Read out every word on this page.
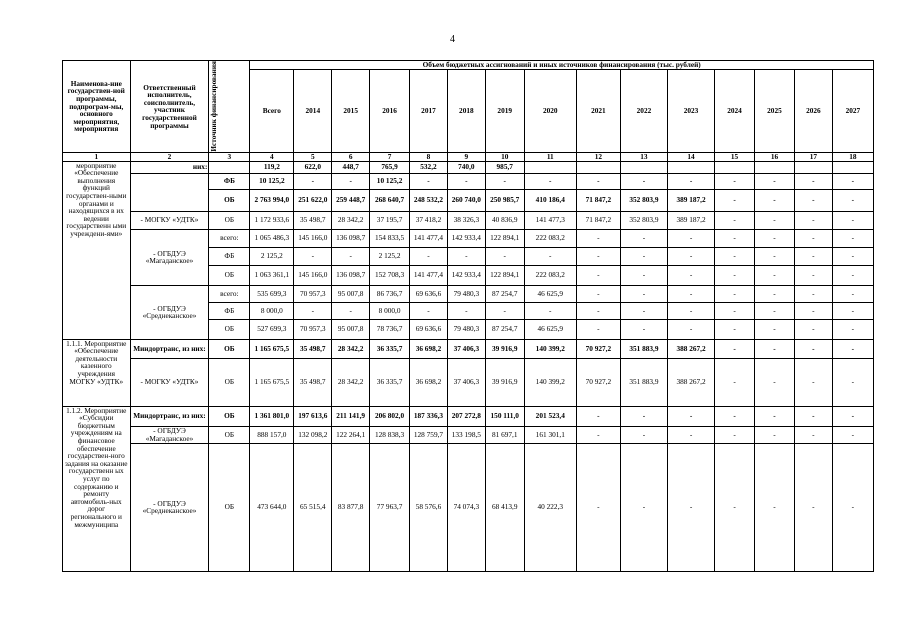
4
Наименова-ние государствен-ной программы, подпрограм-мы, основного мероприятия, мероприятия	Ответственный исполнитель, соисполнитель, участник государственной программы	Источник финансирования	Объем бюджетных ассигнований и иных источников финансирования (тыс. рублей)														
			Всего	2014	2015	2016	2017	2018	2019	2020	2021	2022	2023	2024	2025	2026	2027
1	2	3	4	5	6	7	8	9	10	11	12	13	14	15	16	17	18
мероприятие «Обеспечение выполнения функций государствен-ными органами и находящихся в их ведении государственн ыми учреждени-ями»	них:		119,2	622,0	448,7	765,9	532,2	740,0	985,7								
		ФБ	10 125,2	-	-	10 125,2	-	-	-	-	-	-	-	-	-	-	-
		ОБ	2 763 994,0	251 622,0	259 448,7	268 640,7	248 532,2	260 740,0	250 985,7	410 186,4	71 847,2	352 803,9	389 187,2	-	-	-	-
	- МОГКУ «УДТК»	ОБ	1 172 933,6	35 498,7	28 342,2	37 195,7	37 418,2	38 326,3	40 836,9	141 477,3	71 847,2	352 803,9	389 187,2	-	-	-	-
	- ОГБДУЭ «Магаданское»	всего:	1 065 486,3	145 166,0	136 098,7	154 833,5	141 477,4	142 933,4	122 894,1	222 083,2	-	-	-	-	-	-	-
		ФБ	2 125,2	-	-	2 125,2	-	-	-	-	-	-	-	-	-	-	-
		ОБ	1 063 361,1	145 166,0	136 098,7	152 708,3	141 477,4	142 933,4	122 894,1	222 083,2	-	-	-	-	-	-	-
	- ОГБДУЭ «Среднеканское»	всего:	535 699,3	70 957,3	95 007,8	86 736,7	69 636,6	79 480,3	87 254,7	46 625,9	-	-	-	-	-	-	-
		ФБ	8 000,0	-	-	8 000,0	-	-	-	-	-	-	-	-	-	-	-
		ОБ	527 699,3	70 957,3	95 007,8	78 736,7	69 636,6	79 480,3	87 254,7	46 625,9	-	-	-	-	-	-	-
1.1.1. Мероприятие «Обеспечение деятельности казенного учреждения МОГКУ «УДТК»	Миндортранс, из них:	ОБ	1 165 675,5	35 498,7	28 342,2	36 335,7	36 698,2	37 406,3	39 916,9	140 399,2	70 927,2	351 883,9	388 267,2	-	-	-	-
	- МОГКУ «УДТК»	ОБ	1 165 675,5	35 498,7	28 342,2	36 335,7	36 698,2	37 406,3	39 916,9	140 399,2	70 927,2	351 883,9	388 267,2	-	-	-	-
1.1.2. Мероприятие «Субсидии бюджетным учреждениям на финансовое обеспечение государствен-ного задания на оказание государственн ых услуг по содержанию и ремонту автомобиль-ных дорог регионального и межмуниципа	Миндортранс, из них:	ОБ	1 361 801,0	197 613,6	211 141,9	206 802,0	187 336,3	207 272,8	150 111,0	201 523,4	-	-	-	-	-	-	-
	- ОГБДУЭ «Магаданское»	ОБ	888 157,0	132 098,2	122 264,1	128 838,3	128 759,7	133 198,5	81 697,1	161 301,1	-	-	-	-	-	-	-
	- ОГБДУЭ «Среднеканское»	ОБ	473 644,0	65 515,4	83 877,8	77 963,7	58 576,6	74 074,3	68 413,9	40 222,3	-	-	-	-	-	-	-
